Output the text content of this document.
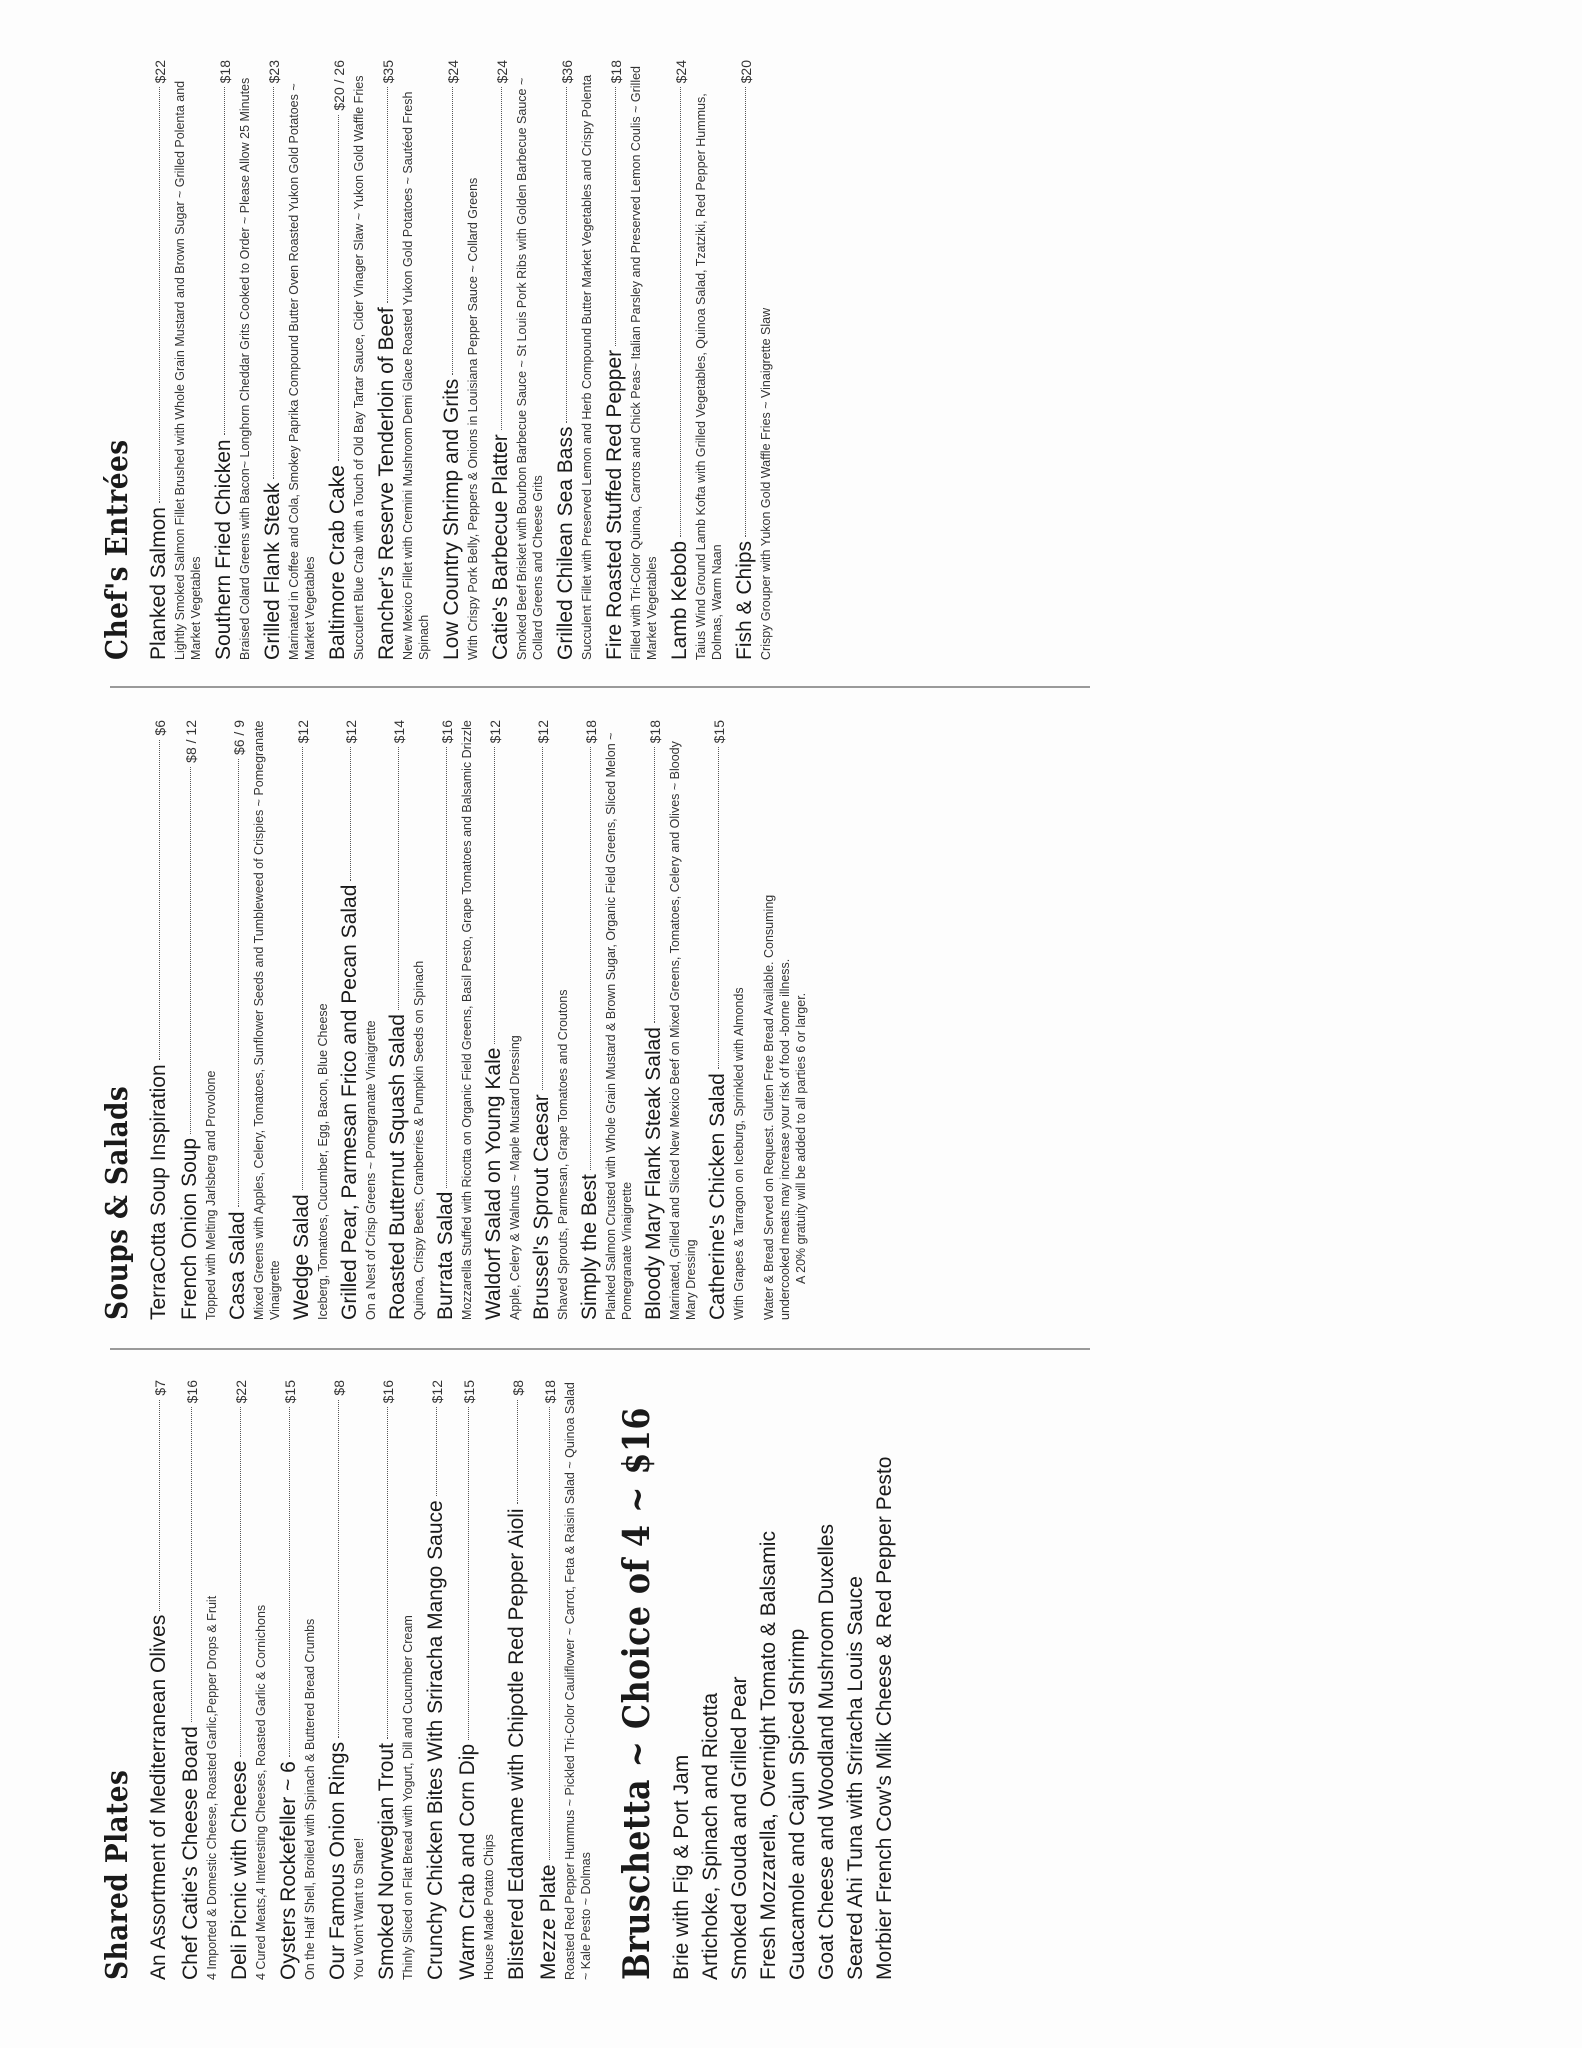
Shared Plates An Assortment of Mediterranean Olives
$7
Chef Catie's Cheese Board
$16
4 Imported & Domestic Cheese, Roasted Garlic,Pepper Drops & Fruit Deli Picnic with Cheese
$22
4 Cured Meats,4 Interesting Cheeses, Roasted Garlic & Cornichons Oysters Rockefeller ~ 6
$15
On the Half Shell, Broiled with Spinach & Buttered Bread Crumbs Our Famous Onion Rings
$8
You Won't Want to Share! Smoked Norwegian Trout
$16
Thinly Sliced on Flat Bread with Yogurt, Dill and Cucumber Cream Crunchy Chicken Bites With Sriracha Mango Sauce
$12
Warm Crab and Corn Dip
$15
House Made Potato Chips Blistered Edamame with Chipotle Red Pepper Aioli
$8
Mezze Plate
$18 Roasted Red Pepper Hummus ~ Pickled Tri-Color Cauliflower ~ Carrot, Feta & Raisin Salad ~ Quinoa Salad ~ Kale Pesto ~ Dolmas Bruschetta ~ Choice of 4 ~ $16 Brie with Fig & Port Jam Artichoke, Spinach and Ricotta Smoked Gouda and Grilled Pear Fresh Mozzarella, Overnight Tomato & Balsamic Guacamole and Cajun Spiced Shrimp Goat Cheese and Woodland Mushroom Duxelles Seared Ahi Tuna with Sriracha Louis Sauce Morbier French Cow's Milk Cheese & Red Pepper Pesto
Soups & Salads TerraCotta Soup Inspiration
$6
French Onion Soup
$8 / 12
Topped with Melting Jarlsberg and Provolone Casa Salad
$6 / 9 Mixed Greens with Apples, Celery, Tomatoes, Sunflower Seeds and Tumbleweed of Crispies ~ Pomegranate Vinaigrette Wedge Salad
$12
Iceberg, Tomatoes, Cucumber, Egg, Bacon, Blue Cheese Grilled Pear, Parmesan Frico and Pecan Salad
$12
On a Nest of Crisp Greens ~ Pomegranate Vinaigrette Roasted Butternut Squash Salad
$14
Quinoa, Crispy Beets, Cranberries & Pumpkin Seeds on Spinach Burrata Salad
$16 Mozzarella Stuffed with Ricotta on Organic Field Greens, Basil Pesto, Grape Tomatoes and Balsamic Drizzle Waldorf Salad on Young Kale
$12
Apple, Celery & Walnuts ~ Maple Mustard Dressing Brussel's Sprout Caesar
$12
Shaved Sprouts, Parmesan, Grape Tomatoes and Croutons Simply the Best
$18
Planked Salmon Crusted with Whole Grain Mustard & Brown Sugar, Organic Field Greens, Sliced Melon ~ Pomegranate Vinaigrette Bloody Mary Flank Steak Salad
$18
Marinated, Grilled and Sliced New Mexico Beef on Mixed Greens, Tomatoes, Celery and Olives ~ Bloody Mary Dressing Catherine's Chicken Salad
$15
With Grapes & Tarragon on Iceburg, Sprinkled with Almonds Water & Bread Served on Request. Gluten Free Bread Available. Consuming undercooked meats may increase your risk of food -borne illness. A 20% gratuity will be added to all parties 6 or larger.
Chef's Entrées Planked Salmon
$22
Lightly Smoked Salmon Fillet Brushed with Whole Grain Mustard and Brown Sugar ~ Grilled Polenta and Market Vegetables Southern Fried Chicken
$18
Braised Colard Greens with Bacon~ Longhorn Cheddar Grits Cooked to Order ~ Please Allow 25 Minutes Grilled Flank Steak
$23
Marinated in Coffee and Cola, Smokey Paprika Compound Butter Oven Roasted Yukon Gold Potatoes ~ Market Vegetables Baltimore Crab Cake
$20 / 26 Succulent Blue Crab with a Touch of Old Bay Tartar Sauce, Cider Vinager Slaw ~ Yukon Gold Waffle Fries Rancher's Reserve Tenderloin of Beef
$35
New Mexico Fillet with Cremini Mushroom Demi Glace Roasted Yukon Gold Potatoes ~ Sautéed Fresh Spinach Low Country Shrimp and Grits
$24
With Crispy Pork Belly, Peppers & Onions in Louisiana Pepper Sauce ~ Collard Greens Catie's Barbecue Platter
$24
Smoked Beef Brisket with Bourbon Barbecue Sauce ~ St Louis Pork Ribs with Golden Barbecue Sauce ~ Collard Greens and Cheese Grits Grilled Chilean Sea Bass
$36
Succulent Fillet with Preserved Lemon and Herb Compound Butter Market Vegetables and Crispy Polenta Fire Roasted Stuffed Red Pepper
$18 Filled with Tri-Color Quinoa, Carrots and Chick Peas~ Italian Parsley and Preserved Lemon Coulis ~ Grilled Market Vegetables Lamb Kebob
$24
Taius Wind Ground Lamb Kofta with Grilled Vegetables, Quinoa Salad, Tzatziki, Red Pepper Hummus, Dolmas, Warm Naan Fish & Chips
$20
Crispy Grouper with Yukon Gold Waffle Fries ~ Vinaigrette Slaw
